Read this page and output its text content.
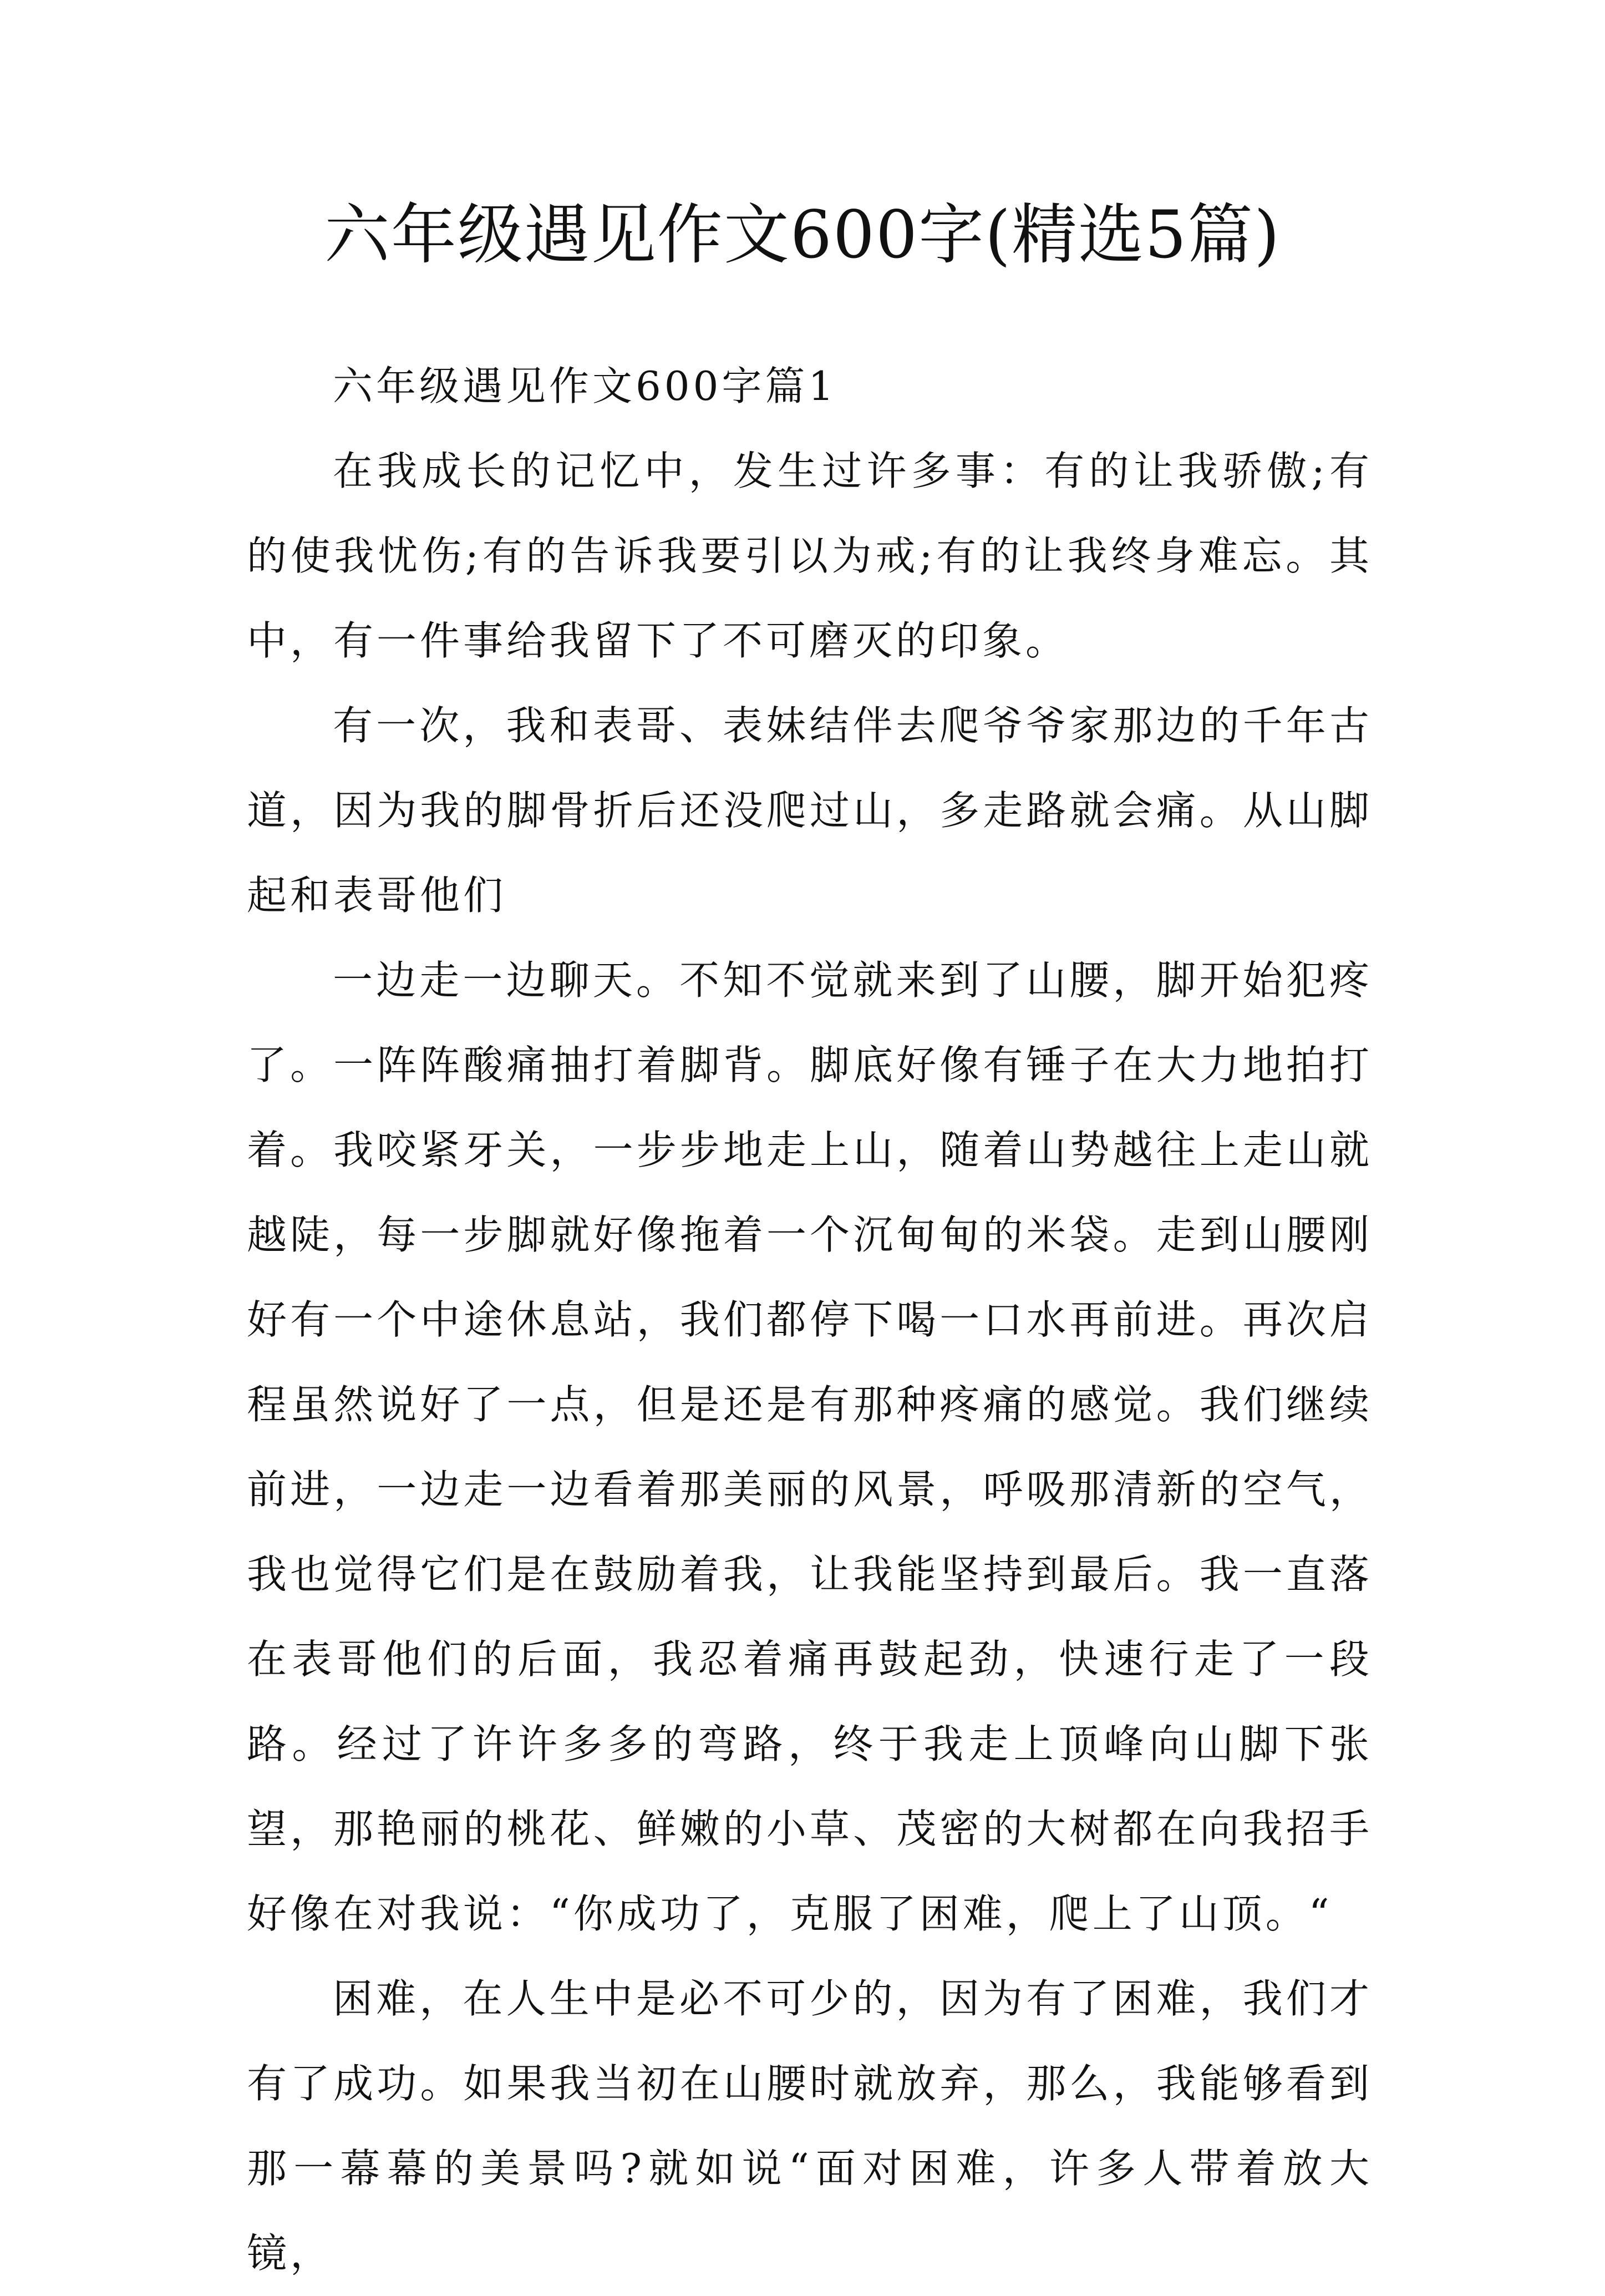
六年级遇见作文600字(精选5篇)

六年级遇见作文600字篇1

在我成长的记忆中，发生过许多事：有的让我骄傲;有的使我忧伤;有的告诉我要引以为戒;有的让我终身难忘。其中，有一件事给我留下了不可磨灭的印象。

有一次，我和表哥、表妹结伴去爬爷爷家那边的千年古道，因为我的脚骨折后还没爬过山，多走路就会痛。从山脚起和表哥他们

一边走一边聊天。不知不觉就来到了山腰，脚开始犯疼了。一阵阵酸痛抽打着脚背。脚底好像有锤子在大力地拍打着。我咬紧牙关，一步步地走上山，随着山势越往上走山就越陡，每一步脚就好像拖着一个沉甸甸的米袋。走到山腰刚好有一个中途休息站，我们都停下喝一口水再前进。再次启程虽然说好了一点，但是还是有那种疼痛的感觉。我们继续前进，一边走一边看着那美丽的风景，呼吸那清新的空气，我也觉得它们是在鼓励着我，让我能坚持到最后。我一直落在表哥他们的后面，我忍着痛再鼓起劲，快速行走了一段路。经过了许许多多的弯路，终于我走上顶峰向山脚下张望，那艳丽的桃花、鲜嫩的小草、茂密的大树都在向我招手好像在对我说：“你成功了，克服了困难，爬上了山顶。“

困难，在人生中是必不可少的，因为有了困难，我们才有了成功。如果我当初在山腰时就放弃，那么，我能够看到那一幕幕的美景吗?就如说“面对困难，许多人带着放大镜，
